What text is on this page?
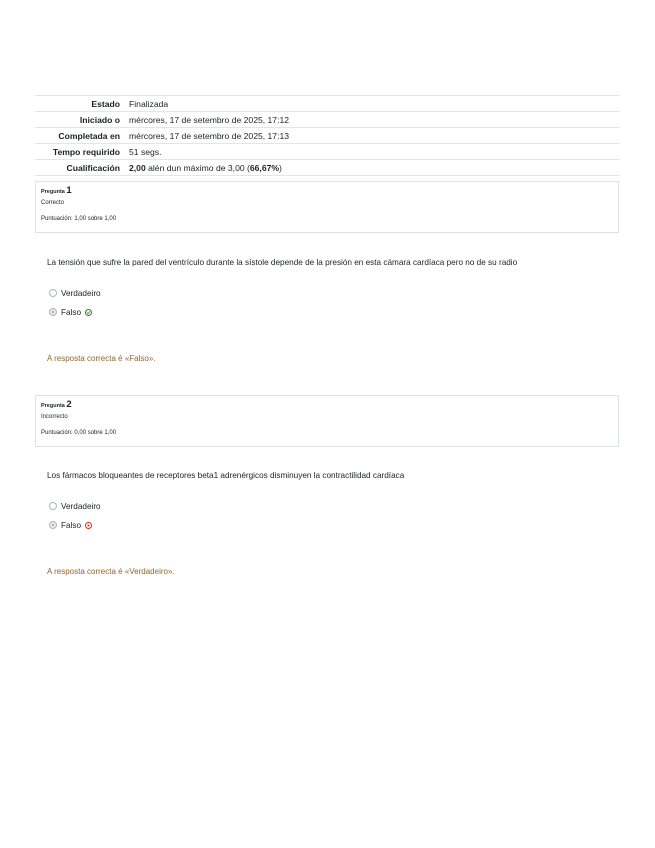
Estado	Finalizada
Iniciado o	mércores, 17 de setembro de 2025, 17:12
Completada en	mércores, 17 de setembro de 2025, 17:13
Tempo requirido	51 segs.
Cualificación	2,00 alén dun máximo de 3,00 (66,67%)
Pregunta 1
Correcto
Puntuación: 1,00 sobre 1,00
La tensión que sufre la pared del ventrículo durante la sístole depende de la presión en esta cámara cardíaca pero no de su radio
Verdadeiro
Falso
A resposta correcta é «Falso».
Pregunta 2
Incorrecto
Puntuación: 0,00 sobre 1,00
Los fármacos bloqueantes de receptores beta1 adrenérgicos disminuyen la contractilidad cardíaca
Verdadeiro
Falso
A resposta correcta é «Verdadeiro».
